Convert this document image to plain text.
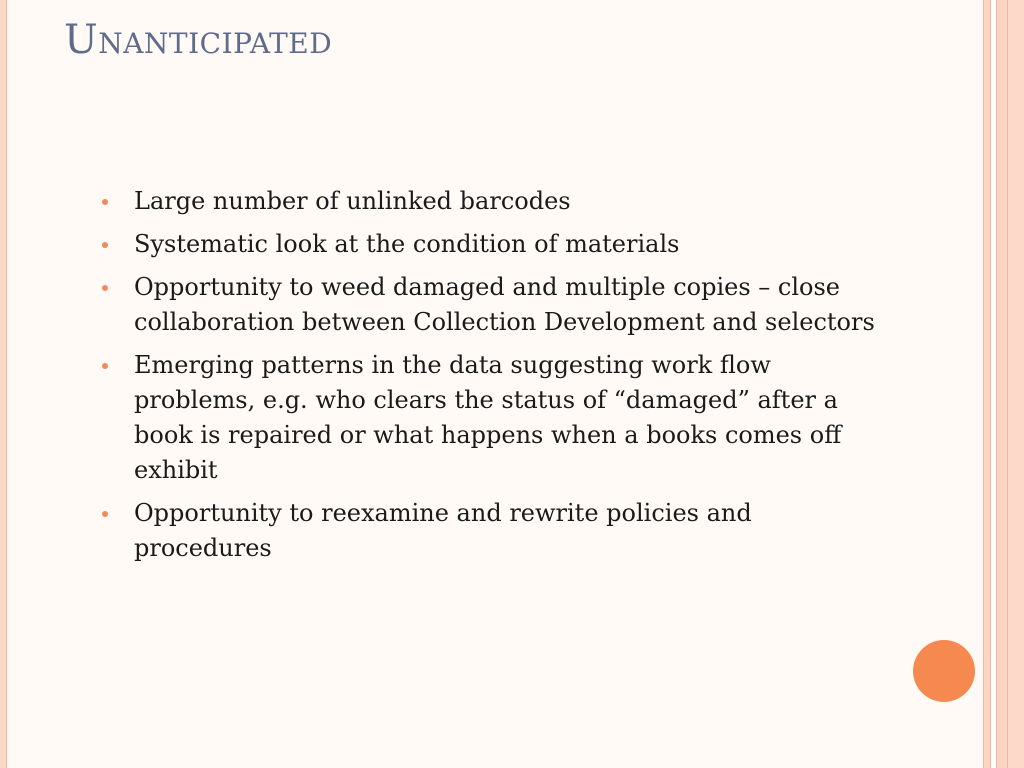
Unanticipated
Large number of unlinked barcodes
Systematic look at the condition of materials
Opportunity to weed damaged and multiple copies – close collaboration between Collection Development and selectors
Emerging patterns in the data suggesting work flow problems, e.g. who clears the status of “damaged” after a book is repaired or what happens when a books comes off exhibit
Opportunity to reexamine and rewrite policies and procedures
